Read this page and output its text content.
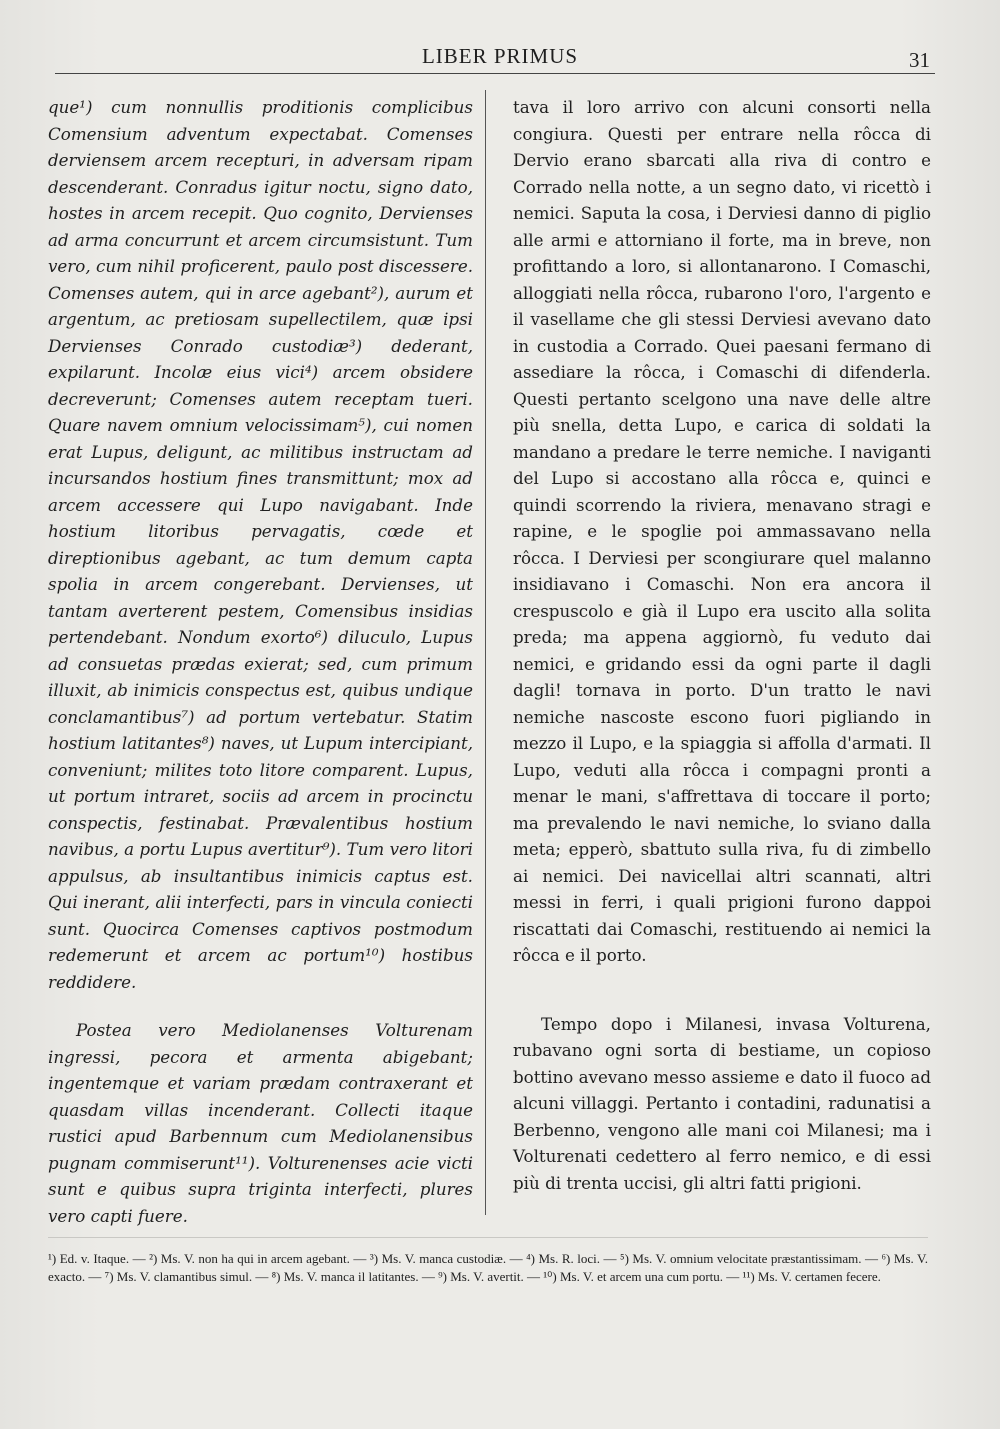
LIBER PRIMUS	31

que¹) cum nonnullis proditionis complicibus Comensium adventum expectabat. Comenses derviensem arcem recepturi, in adversam ripam descenderant. Conradus igitur noctu, signo dato, hostes in arcem recepit. Quo cognito, Dervienses ad arma concurrunt et arcem circumsistunt. Tum vero, cum nihil proficerent, paulo post discessere. Comenses autem, qui in arce agebant²), aurum et argentum, ac pretiosam supellectilem, quæ ipsi Dervienses Conrado custodiæ³) dederant, expilarunt. Incolæ eius vici⁴) arcem obsidere decreverunt; Comenses autem receptam tueri. Quare navem omnium velocissimam⁵), cui nomen erat Lupus, deligunt, ac militibus instructam ad incursandos hostium fines transmittunt; mox ad arcem accessere qui Lupo navigabant. Inde hostium litoribus pervagatis, cœde et direptionibus agebant, ac tum demum capta spolia in arcem congerebant. Dervienses, ut tantam averterent pestem, Comensibus insidias pertendebant. Nondum exorto⁶) diluculo, Lupus ad consuetas prædas exierat; sed, cum primum illuxit, ab inimicis conspectus est, quibus undique conclamantibus⁷) ad portum vertebatur. Statim hostium latitantes⁸) naves, ut Lupum intercipiant, conveniunt; milites toto litore comparent. Lupus, ut portum intraret, sociis ad arcem in procinctu conspectis, festinabat. Prævalentibus hostium navibus, a portu Lupus avertitur⁹). Tum vero litori appulsus, ab insultantibus inimicis captus est. Qui inerant, alii interfecti, pars in vincula coniecti sunt. Quocirca Comenses captivos postmodum redemerunt et arcem ac portum¹⁰) hostibus reddidere.

Postea vero Mediolanenses Volturenam ingressi, pecora et armenta abigebant; ingentemque et variam prædam contraxerant et quasdam villas incenderant. Collecti itaque rustici apud Barbennum cum Mediolanensibus pugnam commiserunt¹¹). Volturenenses acie victi sunt e quibus supra triginta interfecti, plures vero capti fuere.

tava il loro arrivo con alcuni consorti nella congiura. Questi per entrare nella rôcca di Dervio erano sbarcati alla riva di contro e Corrado nella notte, a un segno dato, vi ricettò i nemici. Saputa la cosa, i Derviesi danno di piglio alle armi e attorniano il forte, ma in breve, non profittando a loro, si allontanarono. I Comaschi, alloggiati nella rôcca, rubarono l'oro, l'argento e il vasellame che gli stessi Derviesi avevano dato in custodia a Corrado. Quei paesani fermano di assediare la rôcca, i Comaschi di difenderla. Questi pertanto scelgono una nave delle altre più snella, detta Lupo, e carica di soldati la mandano a predare le terre nemiche. I naviganti del Lupo si accostano alla rôcca e, quinci e quindi scorrendo la riviera, menavano stragi e rapine, e le spoglie poi ammassavano nella rôcca. I Derviesi per scongiurare quel malanno insidiavano i Comaschi. Non era ancora il crespuscolo e già il Lupo era uscito alla solita preda; ma appena aggiornò, fu veduto dai nemici, e gridando essi da ogni parte il dagli dagli! tornava in porto. D'un tratto le navi nemiche nascoste escono fuori pigliando in mezzo il Lupo, e la spiaggia si affolla d'armati. Il Lupo, veduti alla rôcca i compagni pronti a menar le mani, s'affrettava di toccare il porto; ma prevalendo le navi nemiche, lo sviano dalla meta; epperò, sbattuto sulla riva, fu di zimbello ai nemici. Dei navicellai altri scannati, altri messi in ferri, i quali prigioni furono dappoi riscattati dai Comaschi, restituendo ai nemici la rôcca e il porto.

Tempo dopo i Milanesi, invasa Volturena, rubavano ogni sorta di bestiame, un copioso bottino avevano messo assieme e dato il fuoco ad alcuni villaggi. Pertanto i contadini, radunatisi a Berbenno, vengono alle mani coi Milanesi; ma i Volturenati cedettero al ferro nemico, e di essi più di trenta uccisi, gli altri fatti prigioni.

¹) Ed. v. Itaque. — ²) Ms. V. non ha qui in arcem agebant. — ³) Ms. V. manca custodiæ. — ⁴) Ms. R. loci. — ⁵) Ms. V. omnium velocitate præstantissimam. — ⁶) Ms. V. exacto. — ⁷) Ms. V. clamantibus simul. — ⁸) Ms. V. manca il latitantes. — ⁹) Ms. V. avertit. — ¹⁰) Ms. V. et arcem una cum portu. — ¹¹) Ms. V. certamen fecere.
